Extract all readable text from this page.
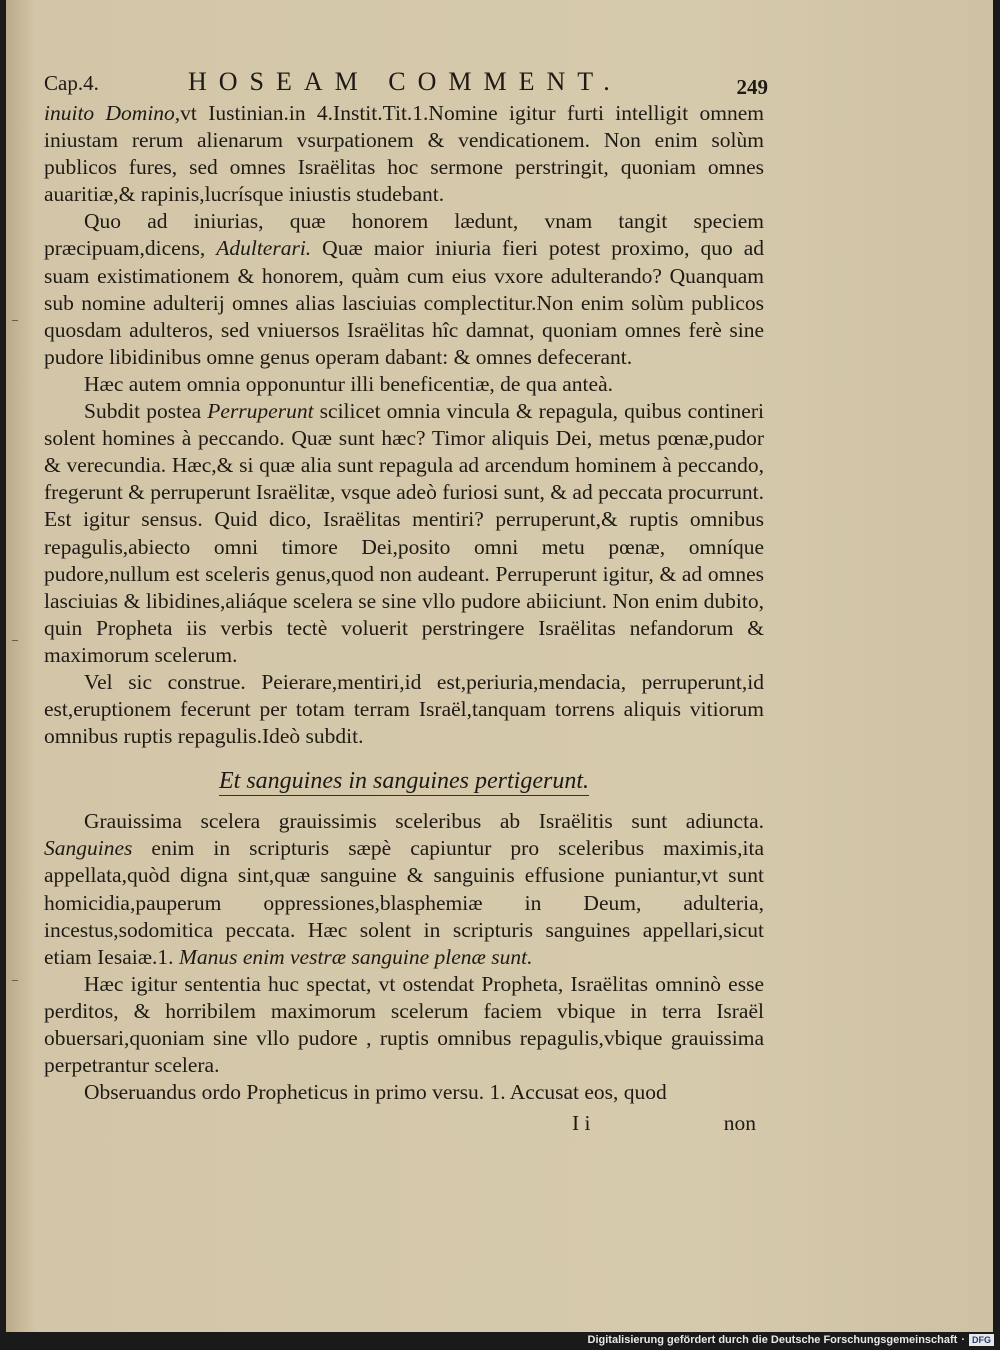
Cap.4.	HOSEAM COMMENT.	249

inuito Domino,vt Iustinian.in 4.Instit.Tit.1.Nomine igitur furti intelligit omnem iniustam rerum alienarum vsurpationem & vendicationem. Non enim solùm publicos fures, sed omnes Israëlitas hoc sermone perstringit, quoniam omnes auaritiæ,& rapinis,lucrísque iniustis studebant.

Quo ad iniurias, quæ honorem lædunt, vnam tangit speciem præcipuam,dicens, Adulterari. Quæ maior iniuria fieri potest proximo, quo ad suam existimationem & honorem, quàm cum eius vxore adulterando? Quanquam sub nomine adulterij omnes alias lasciuias complectitur.Non enim solùm publicos quosdam adulteros, sed vniuersos Israëlitas hîc damnat, quoniam omnes ferè sine pudore libidinibus omne genus operam dabant: & omnes defecerant.

Hæc autem omnia opponuntur illi beneficentiæ, de qua anteà.

Subdit postea Perruperunt scilicet omnia vincula & repagula, quibus contineri solent homines à peccando. Quæ sunt hæc? Timor aliquis Dei, metus pœnæ,pudor & verecundia. Hæc,& si quæ alia sunt repagula ad arcendum hominem à peccando, fregerunt & perruperunt Israëlitæ, vsque adeò furiosi sunt, & ad peccata procurrunt. Est igitur sensus. Quid dico, Israëlitas mentiri? perruperunt,& ruptis omnibus repagulis,abiecto omni timore Dei,posito omni metu pœnæ, omníque pudore,nullum est sceleris genus,quod non audeant. Perruperunt igitur, & ad omnes lasciuias & libidines,aliáque scelera se sine vllo pudore abiiciunt. Non enim dubito, quin Propheta iis verbis tectè voluerit perstringere Israëlitas nefandorum & maximorum scelerum.

Vel sic construe. Peierare,mentiri,id est,periuria,mendacia, perruperunt,id est,eruptionem fecerunt per totam terram Israël,tanquam torrens aliquis vitiorum omnibus ruptis repagulis.Ideò subdit.

Et sanguines in sanguines pertigerunt.

Grauissima scelera grauissimis sceleribus ab Israëlitis sunt adiuncta. Sanguines enim in scripturis sæpè capiuntur pro sceleribus maximis,ita appellata,quòd digna sint,quæ sanguine & sanguinis effusione puniantur,vt sunt homicidia,pauperum oppressiones,blasphemiæ in Deum, adulteria, incestus,sodomitica peccata. Hæc solent in scripturis sanguines appellari,sicut etiam Iesaiæ.1. Manus enim vestræ sanguine plenæ sunt.

Hæc igitur sententia huc spectat, vt ostendat Propheta, Israëlitas omninò esse perditos, & horribilem maximorum scelerum faciem vbique in terra Israël obuersari,quoniam sine vllo pudore , ruptis omnibus repagulis,vbique grauissima perpetrantur scelera.

Obseruandus ordo Propheticus in primo versu. 1. Accusat eos, quod

I i	non
Digitalisierung gefördert durch die Deutsche Forschungsgemeinschaft · DFG
